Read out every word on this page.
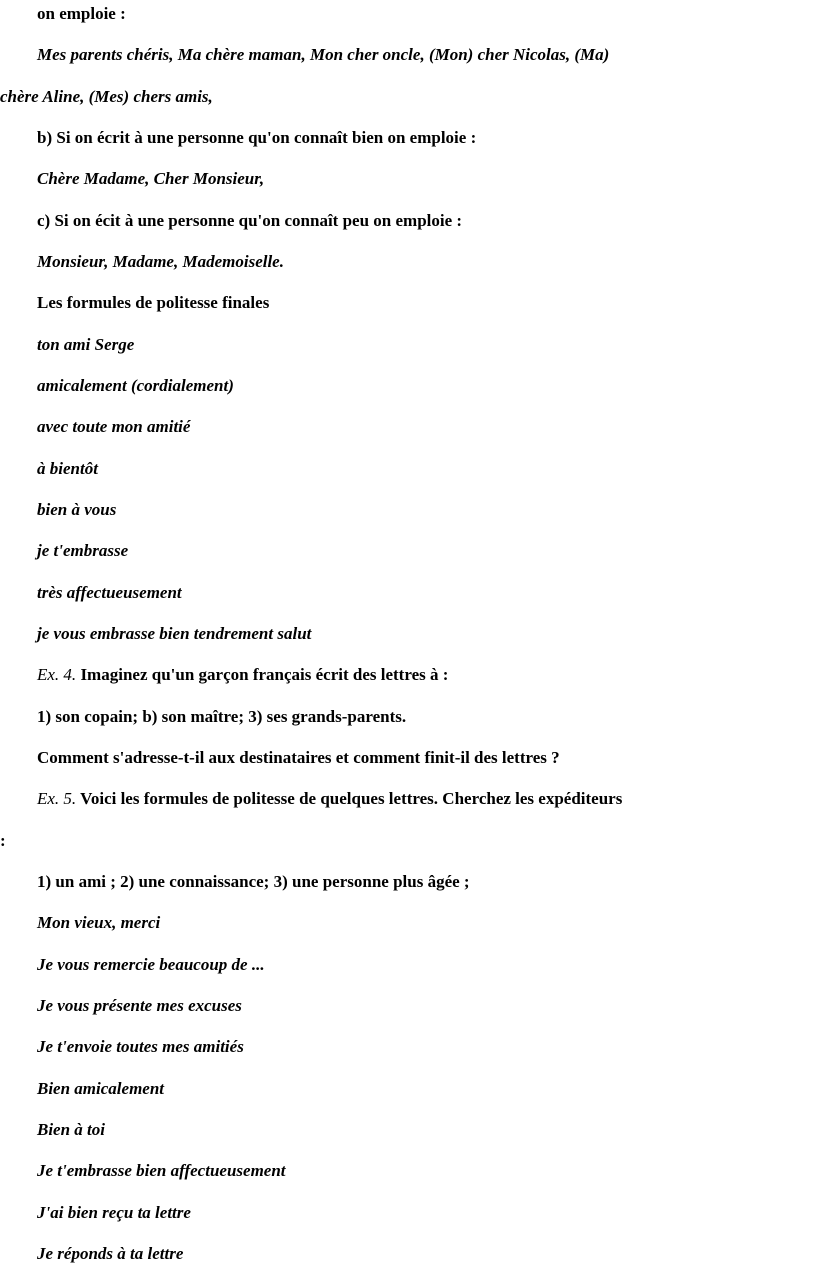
on emploie :
Mes parents chéris, Ma chère maman, Mon cher oncle, (Mon) cher Nicolas, (Ma)
chère Aline, (Mes) chers amis,
b) Si on écrit à une personne qu'on connaît bien on emploie :
Chère Madame, Cher Monsieur,
c) Si on écit à une personne qu'on connaît peu on emploie :
Monsieur, Madame, Mademoiselle.
Les formules de politesse finales
ton ami Serge
amicalement (cordialement)
avec toute mon amitié
à bientôt
bien à vous
je t'embrasse
très affectueusement
je vous embrasse bien tendrement salut
Ex. 4. Imaginez qu'un garçon français écrit des lettres à :
1) son copain; b) son maître; 3) ses grands-parents.
Comment s'adresse-t-il aux destinataires et comment finit-il des lettres ?
Ex. 5. Voici les formules de politesse de quelques lettres. Cherchez les expéditeurs
:
1) un ami ; 2) une connaissance; 3) une personne plus âgée ;
Mon vieux, merci
Je vous remercie beaucoup de ...
Je vous présente mes excuses
Je t'envoie toutes mes amitiés
Bien amicalement
Bien à toi
Je t'embrasse bien affectueusement
J'ai bien reçu ta lettre
Je réponds à ta lettre
